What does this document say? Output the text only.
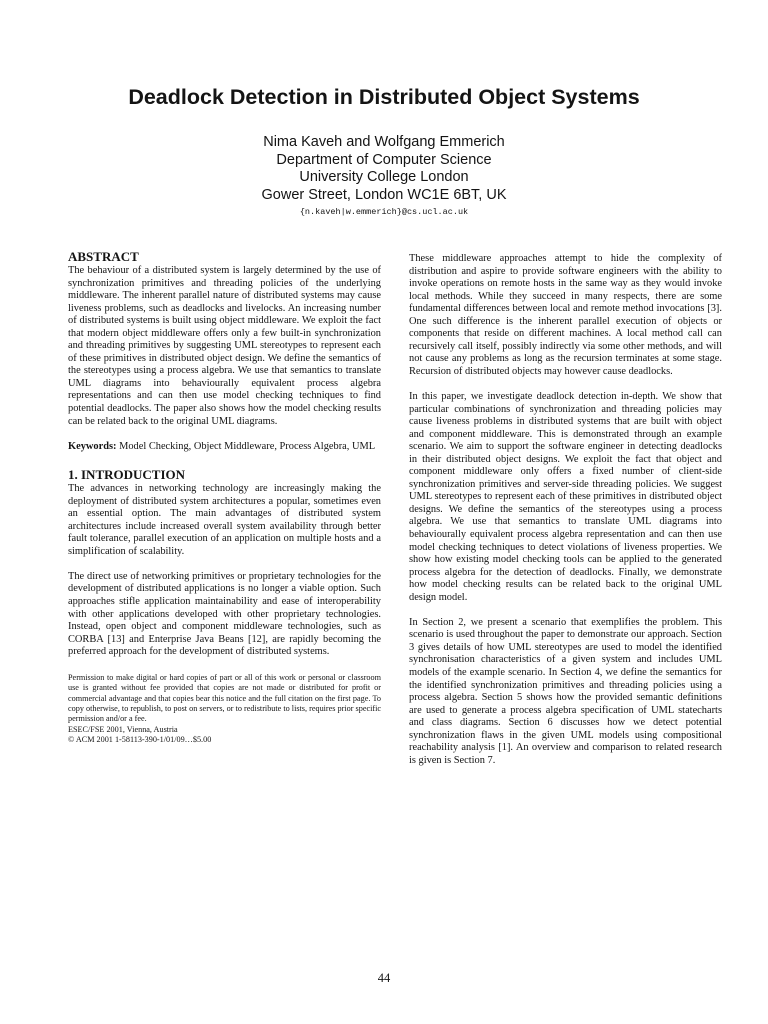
Deadlock Detection in Distributed Object Systems
Nima Kaveh and Wolfgang Emmerich
Department of Computer Science
University College London
Gower Street, London WC1E 6BT, UK
{n.kaveh|w.emmerich}@cs.ucl.ac.uk
ABSTRACT

The behaviour of a distributed system is largely determined by the use of synchronization primitives and threading policies of the underlying middleware. The inherent parallel nature of distributed systems may cause liveness problems, such as deadlocks and livelocks. An increasing number of distributed systems is built using object middleware. We exploit the fact that modern object middleware offers only a few built-in synchronization and threading primitives by suggesting UML stereotypes to represent each of these primitives in distributed object design. We define the semantics of the stereotypes using a process algebra. We use that semantics to translate UML diagrams into behaviourally equivalent process algebra representations and can then use model checking techniques to find potential deadlocks. The paper also shows how the model checking results can be related back to the original UML diagrams.

Keywords: Model Checking, Object Middleware, Process Algebra, UML

1. INTRODUCTION

The advances in networking technology are increasingly making the deployment of distributed system architectures a popular, sometimes even an essential option. The main advantages of distributed system architectures include increased overall system availability through better fault tolerance, parallel execution of an application on multiple hosts and a simplification of scalability.

The direct use of networking primitives or proprietary technologies for the development of distributed applications is no longer a viable option. Such approaches stifle application maintainability and ease of interoperability with other applications developed with other proprietary technologies. Instead, open object and component middleware technologies, such as CORBA [13] and Enterprise Java Beans [12], are rapidly becoming the preferred approach for the development of distributed systems.

Permission to make digital or hard copies of part or all of this work or personal or classroom use is granted without fee provided that copies are not made or distributed for profit or commercial advantage and that copies bear this notice and the full citation on the first page. To copy otherwise, to republish, to post on servers, or to redistribute to lists, requires prior specific permission and/or a fee.
ESEC/FSE 2001, Vienna, Austria
© ACM 2001 1-58113-390-1/01/09…$5.00

These middleware approaches attempt to hide the complexity of distribution and aspire to provide software engineers with the ability to invoke operations on remote hosts in the same way as they would invoke local methods. While they succeed in many respects, there are some fundamental differences between local and remote method invocations [3]. One such difference is the inherent parallel execution of objects or components that reside on different machines. A local method call can recursively call itself, possibly indirectly via some other methods, and will not cause any problems as long as the recursion terminates at some stage. Recursion of distributed objects may however cause deadlocks.

In this paper, we investigate deadlock detection in-depth. We show that particular combinations of synchronization and threading policies may cause liveness problems in distributed systems that are built with object and component middleware. This is demonstrated through an example scenario. We aim to support the software engineer in detecting deadlocks in their distributed object designs. We exploit the fact that object and component middleware only offers a fixed number of client-side synchronization primitives and server-side threading policies. We suggest UML stereotypes to represent each of these primitives in distributed object designs. We define the semantics of the stereotypes using a process algebra. We use that semantics to translate UML diagrams into behaviourally equivalent process algebra representation and can then use model checking techniques to detect violations of liveness properties. We show how existing model checking tools can be applied to the generated process algebra for the detection of deadlocks. Finally, we demonstrate how model checking results can be related back to the original UML design model.

In Section 2, we present a scenario that exemplifies the problem. This scenario is used throughout the paper to demonstrate our approach. Section 3 gives details of how UML stereotypes are used to model the identified synchronisation characteristics of a given system and includes UML models of the example scenario. In Section 4, we define the semantics for the identified synchronization primitives and threading policies using a process algebra. Section 5 shows how the provided semantic definitions are used to generate a process algebra specification of UML statecharts and class diagrams. Section 6 discusses how we detect potential synchronization flaws in the given UML models using compositional reachability analysis [1]. An overview and comparison to related research is given is Section 7.

44
